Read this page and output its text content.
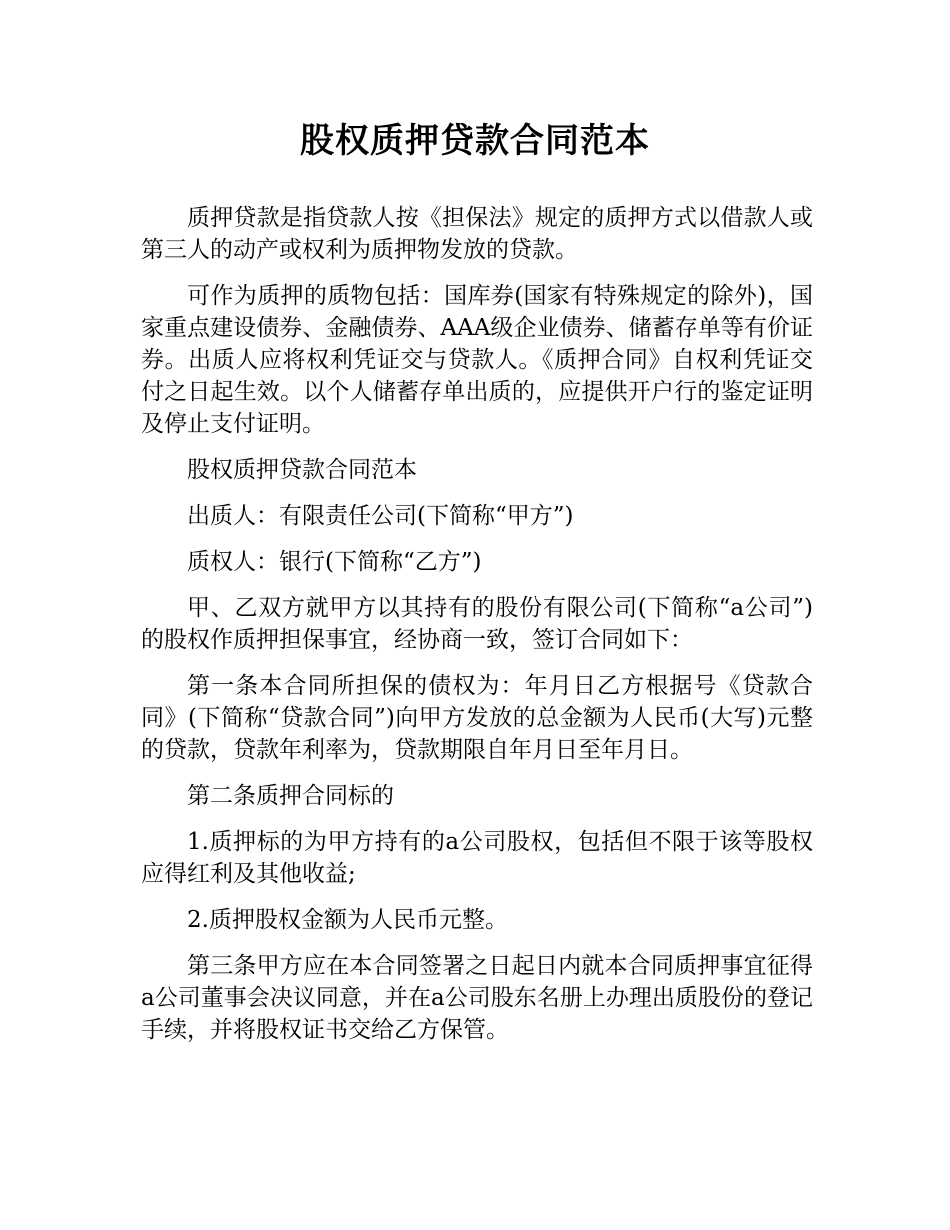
股权质押贷款合同范本

质押贷款是指贷款人按《担保法》规定的质押方式以借款人或第三人的动产或权利为质押物发放的贷款。

可作为质押的质物包括：国库券(国家有特殊规定的除外)，国家重点建设债券、金融债券、AAA级企业债券、储蓄存单等有价证券。出质人应将权利凭证交与贷款人。《质押合同》自权利凭证交付之日起生效。以个人储蓄存单出质的，应提供开户行的鉴定证明及停止支付证明。

股权质押贷款合同范本

出质人：有限责任公司(下简称“甲方”)

质权人：银行(下简称“乙方”)

甲、乙双方就甲方以其持有的股份有限公司(下简称“a公司”)的股权作质押担保事宜，经协商一致，签订合同如下：

第一条本合同所担保的债权为：年月日乙方根据号《贷款合同》(下简称“贷款合同”)向甲方发放的总金额为人民币(大写)元整的贷款，贷款年利率为，贷款期限自年月日至年月日。

第二条质押合同标的

1.质押标的为甲方持有的a公司股权，包括但不限于该等股权应得红利及其他收益;

2.质押股权金额为人民币元整。

第三条甲方应在本合同签署之日起日内就本合同质押事宜征得a公司董事会决议同意，并在a公司股东名册上办理出质股份的登记手续，并将股权证书交给乙方保管。
